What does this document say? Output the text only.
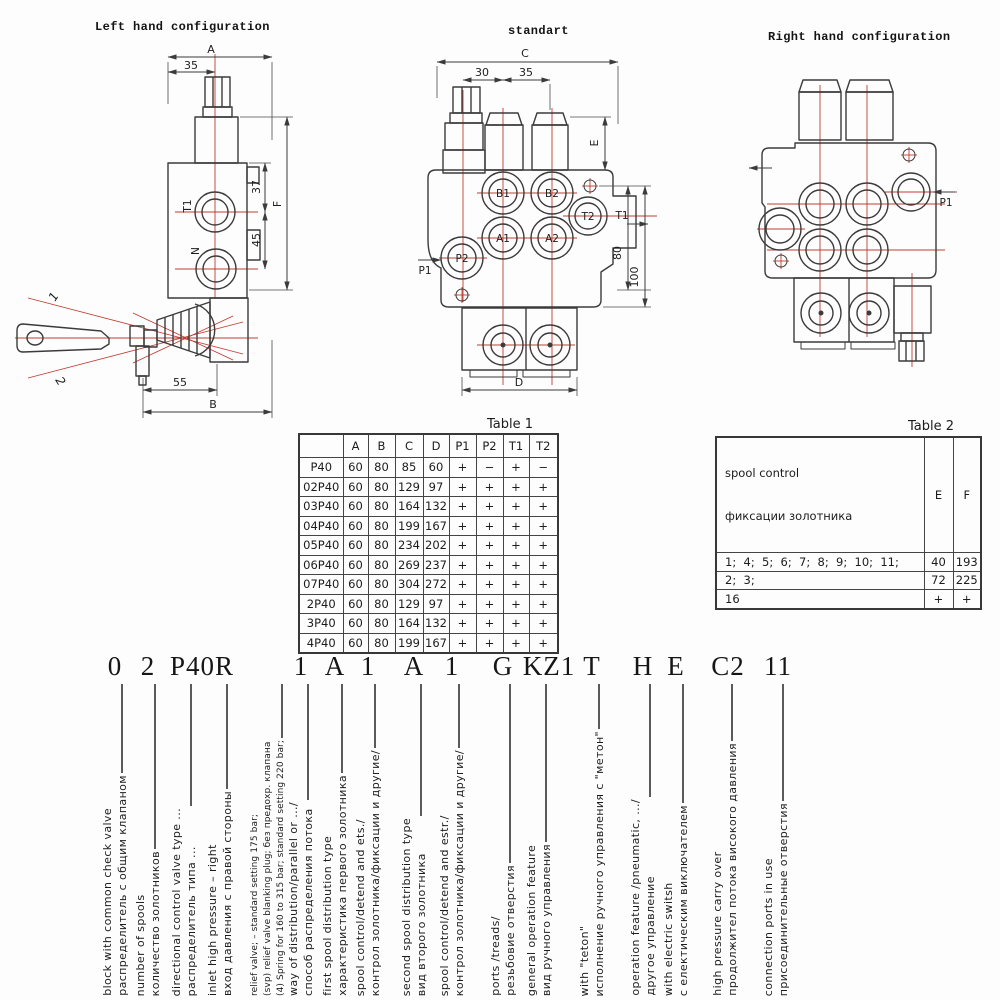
Left hand configuration	standart	Right hand configuration
Table 1	Table 2
A
35
37
45
F
55
B
T1
N
1
2
C
30	35
E
80
100
D
B1	B2
A1	A2
T2
P2
P1
T1
P1
	A	B	C	D	P1	P2	T1	T2
P40	60	80	85	60	+	−	+	−
02P40	60	80	129	97	+	+	+	+
03P40	60	80	164	132	+	+	+	+
04P40	60	80	199	167	+	+	+	+
05P40	60	80	234	202	+	+	+	+
06P40	60	80	269	237	+	+	+	+
07P40	60	80	304	272	+	+	+	+
2P40	60	80	129	97	+	+	+	+
3P40	60	80	164	132	+	+	+	+
4P40	60	80	199	167	+	+	+	+

spool control

фиксации золотника	E	F
1;  4;  5;  6;  7;  8;  9;  10;  11;	40	193
2;  3;	72	225
16	+	+
0 2 P40R 1 A 1 A 1 G KZ1 T H E C2 11
block with common check valve распределитель с общим клапаном number of spools количество золотников directional control valve type ... распределитель типа ... inlet high pressure – right вход давления с правой стороны relief valve; – standard setting 175 bar; (svp) relief valve blanking plug; без предохр. клапана (4) Spring for 160 to 315 bar; standard setting 220 bar; way of distribution/parallel or .../ способ распределения потока first spool distribution type характеристика первого золотника spool control/detend and ets./ контрол золотника/фиксации и другие/ second spool distribution type вид второго золотника spool control/detend and estr./ контрол золотника/фиксации и другие/ ports /treads/ резьбовие отверстия general operation feature вид ручного управления with "teton" исполнение ручного управления с "метон" operation feature /pneumatic, .../ другое управление with electric switsh с електическим виключателем high pressure carry over продолжител потока високого давления connection ports in use присоединительные отверстия
